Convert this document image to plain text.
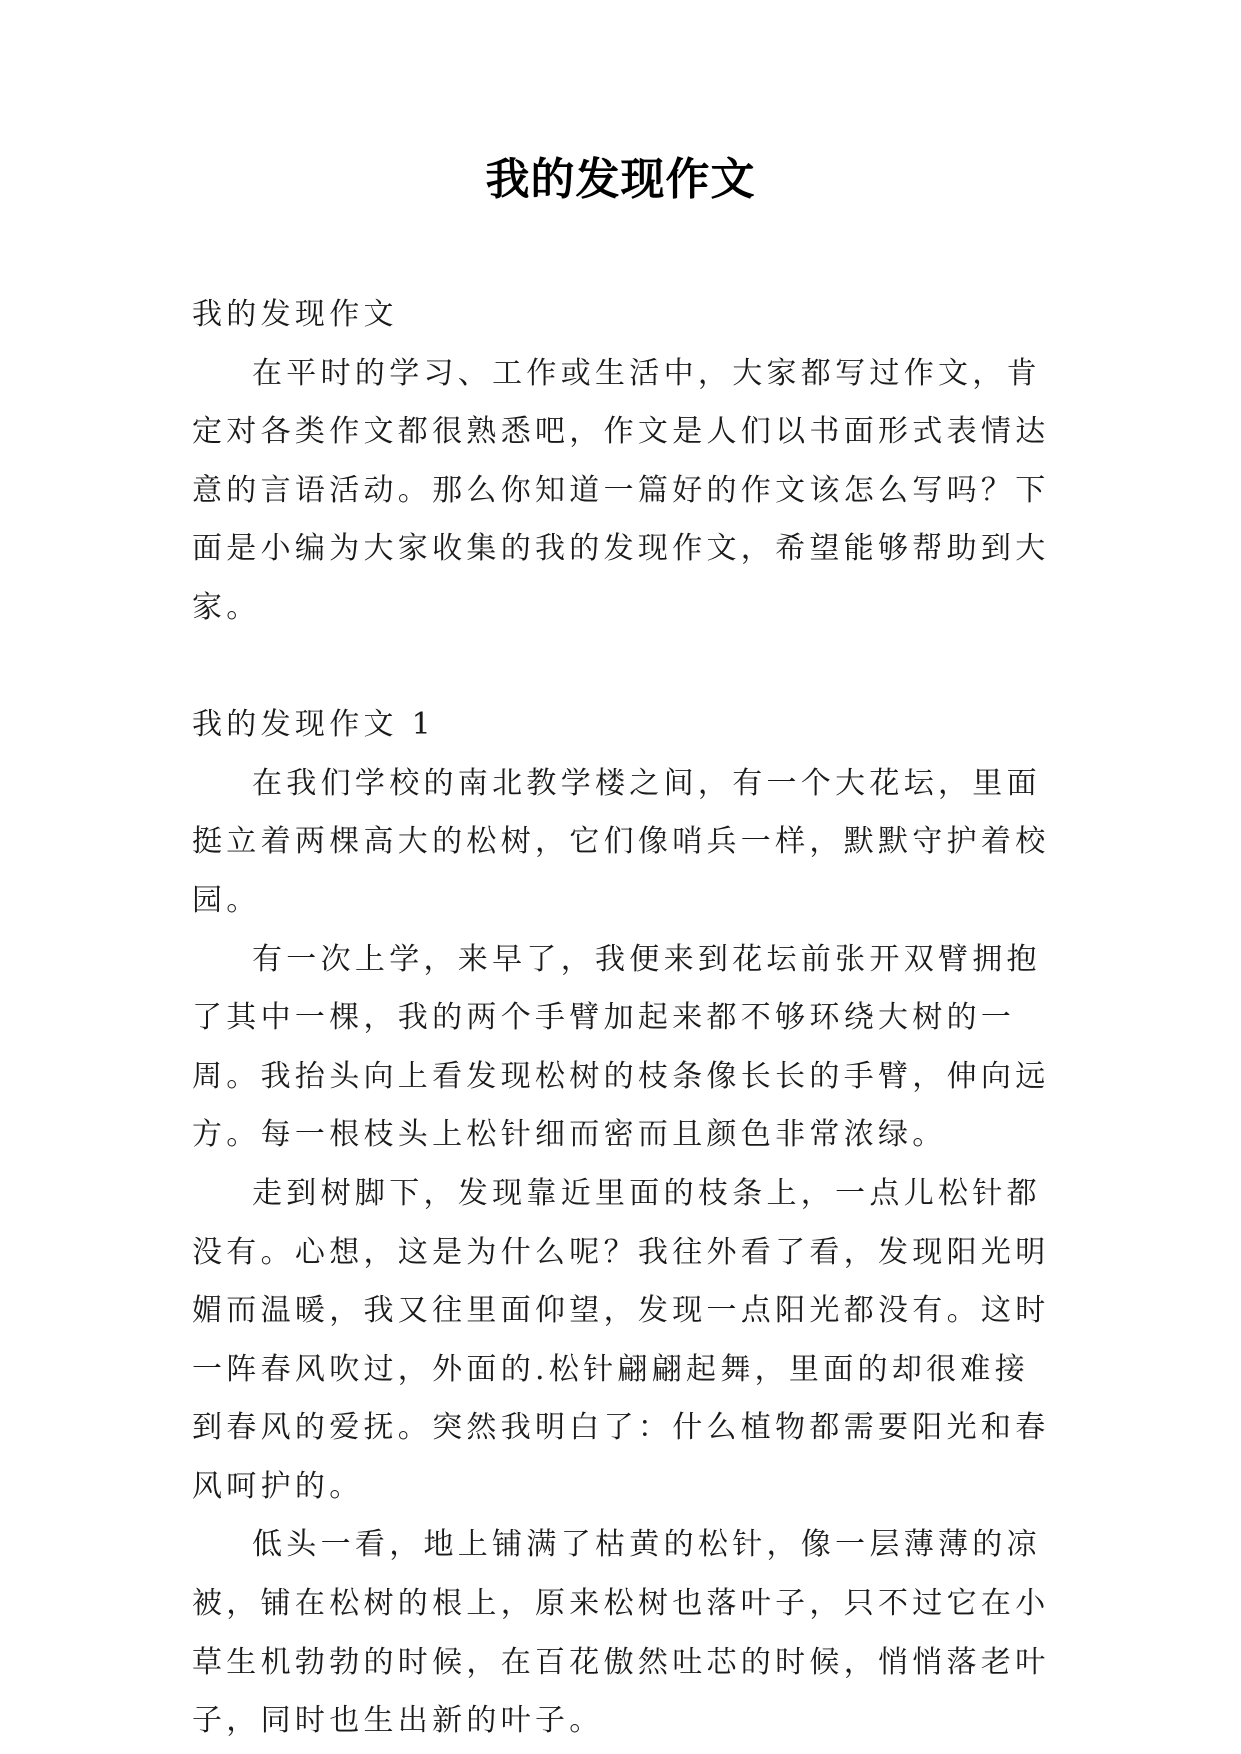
我的发现作文

我的发现作文

在平时的学习、工作或生活中，大家都写过作文，肯定对各类作文都很熟悉吧，作文是人们以书面形式表情达意的言语活动。那么你知道一篇好的作文该怎么写吗？下面是小编为大家收集的我的发现作文，希望能够帮助到大家。

我的发现作文 1

在我们学校的南北教学楼之间，有一个大花坛，里面挺立着两棵高大的松树，它们像哨兵一样，默默守护着校园。

有一次上学，来早了，我便来到花坛前张开双臂拥抱了其中一棵，我的两个手臂加起来都不够环绕大树的一周。我抬头向上看发现松树的枝条像长长的手臂，伸向远方。每一根枝头上松针细而密而且颜色非常浓绿。

走到树脚下，发现靠近里面的枝条上，一点儿松针都没有。心想，这是为什么呢？我往外看了看，发现阳光明媚而温暖，我又往里面仰望，发现一点阳光都没有。这时一阵春风吹过，外面的.松针翩翩起舞，里面的却很难接到春风的爱抚。突然我明白了：什么植物都需要阳光和春风呵护的。

低头一看，地上铺满了枯黄的松针，像一层薄薄的凉被，铺在松树的根上，原来松树也落叶子，只不过它在小草生机勃勃的时候，在百花傲然吐芯的时候，悄悄落老叶子，同时也生出新的叶子。
